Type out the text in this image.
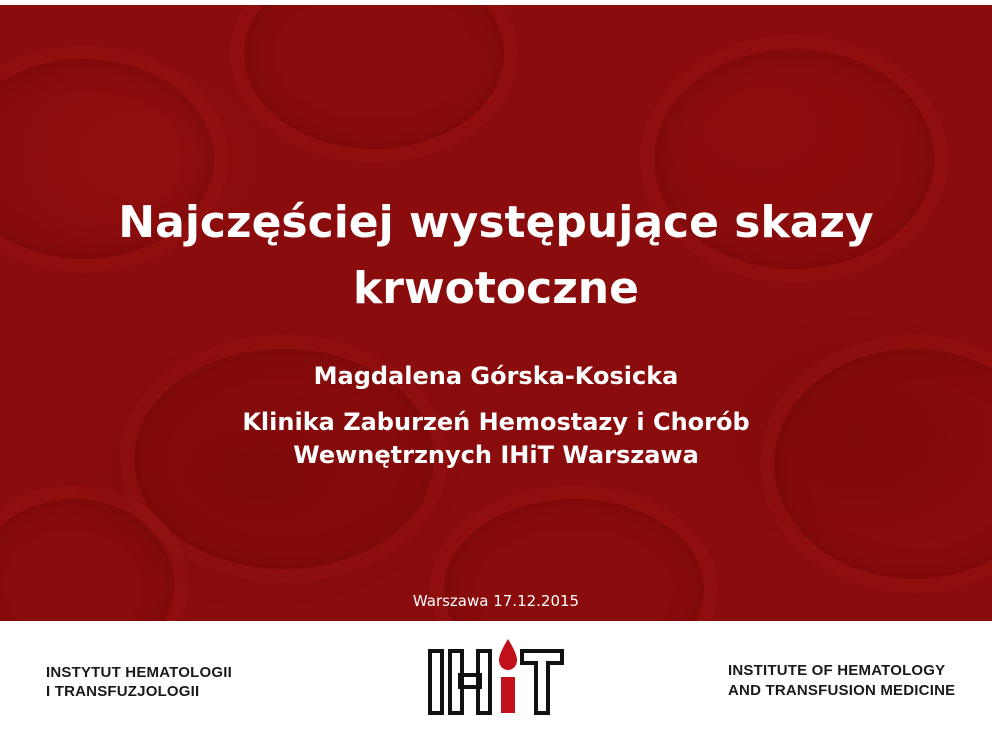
Najczęściej występujące skazy
krwotoczne
Magdalena Górska-Kosicka
Klinika Zaburzeń Hemostazy i Chorób
Wewnętrznych IHiT Warszawa
Warszawa 17.12.2015
INSTYTUT HEMATOLOGII
I TRANSFUZJOLOGII
INSTITUTE OF HEMATOLOGY
AND TRANSFUSION MEDICINE
